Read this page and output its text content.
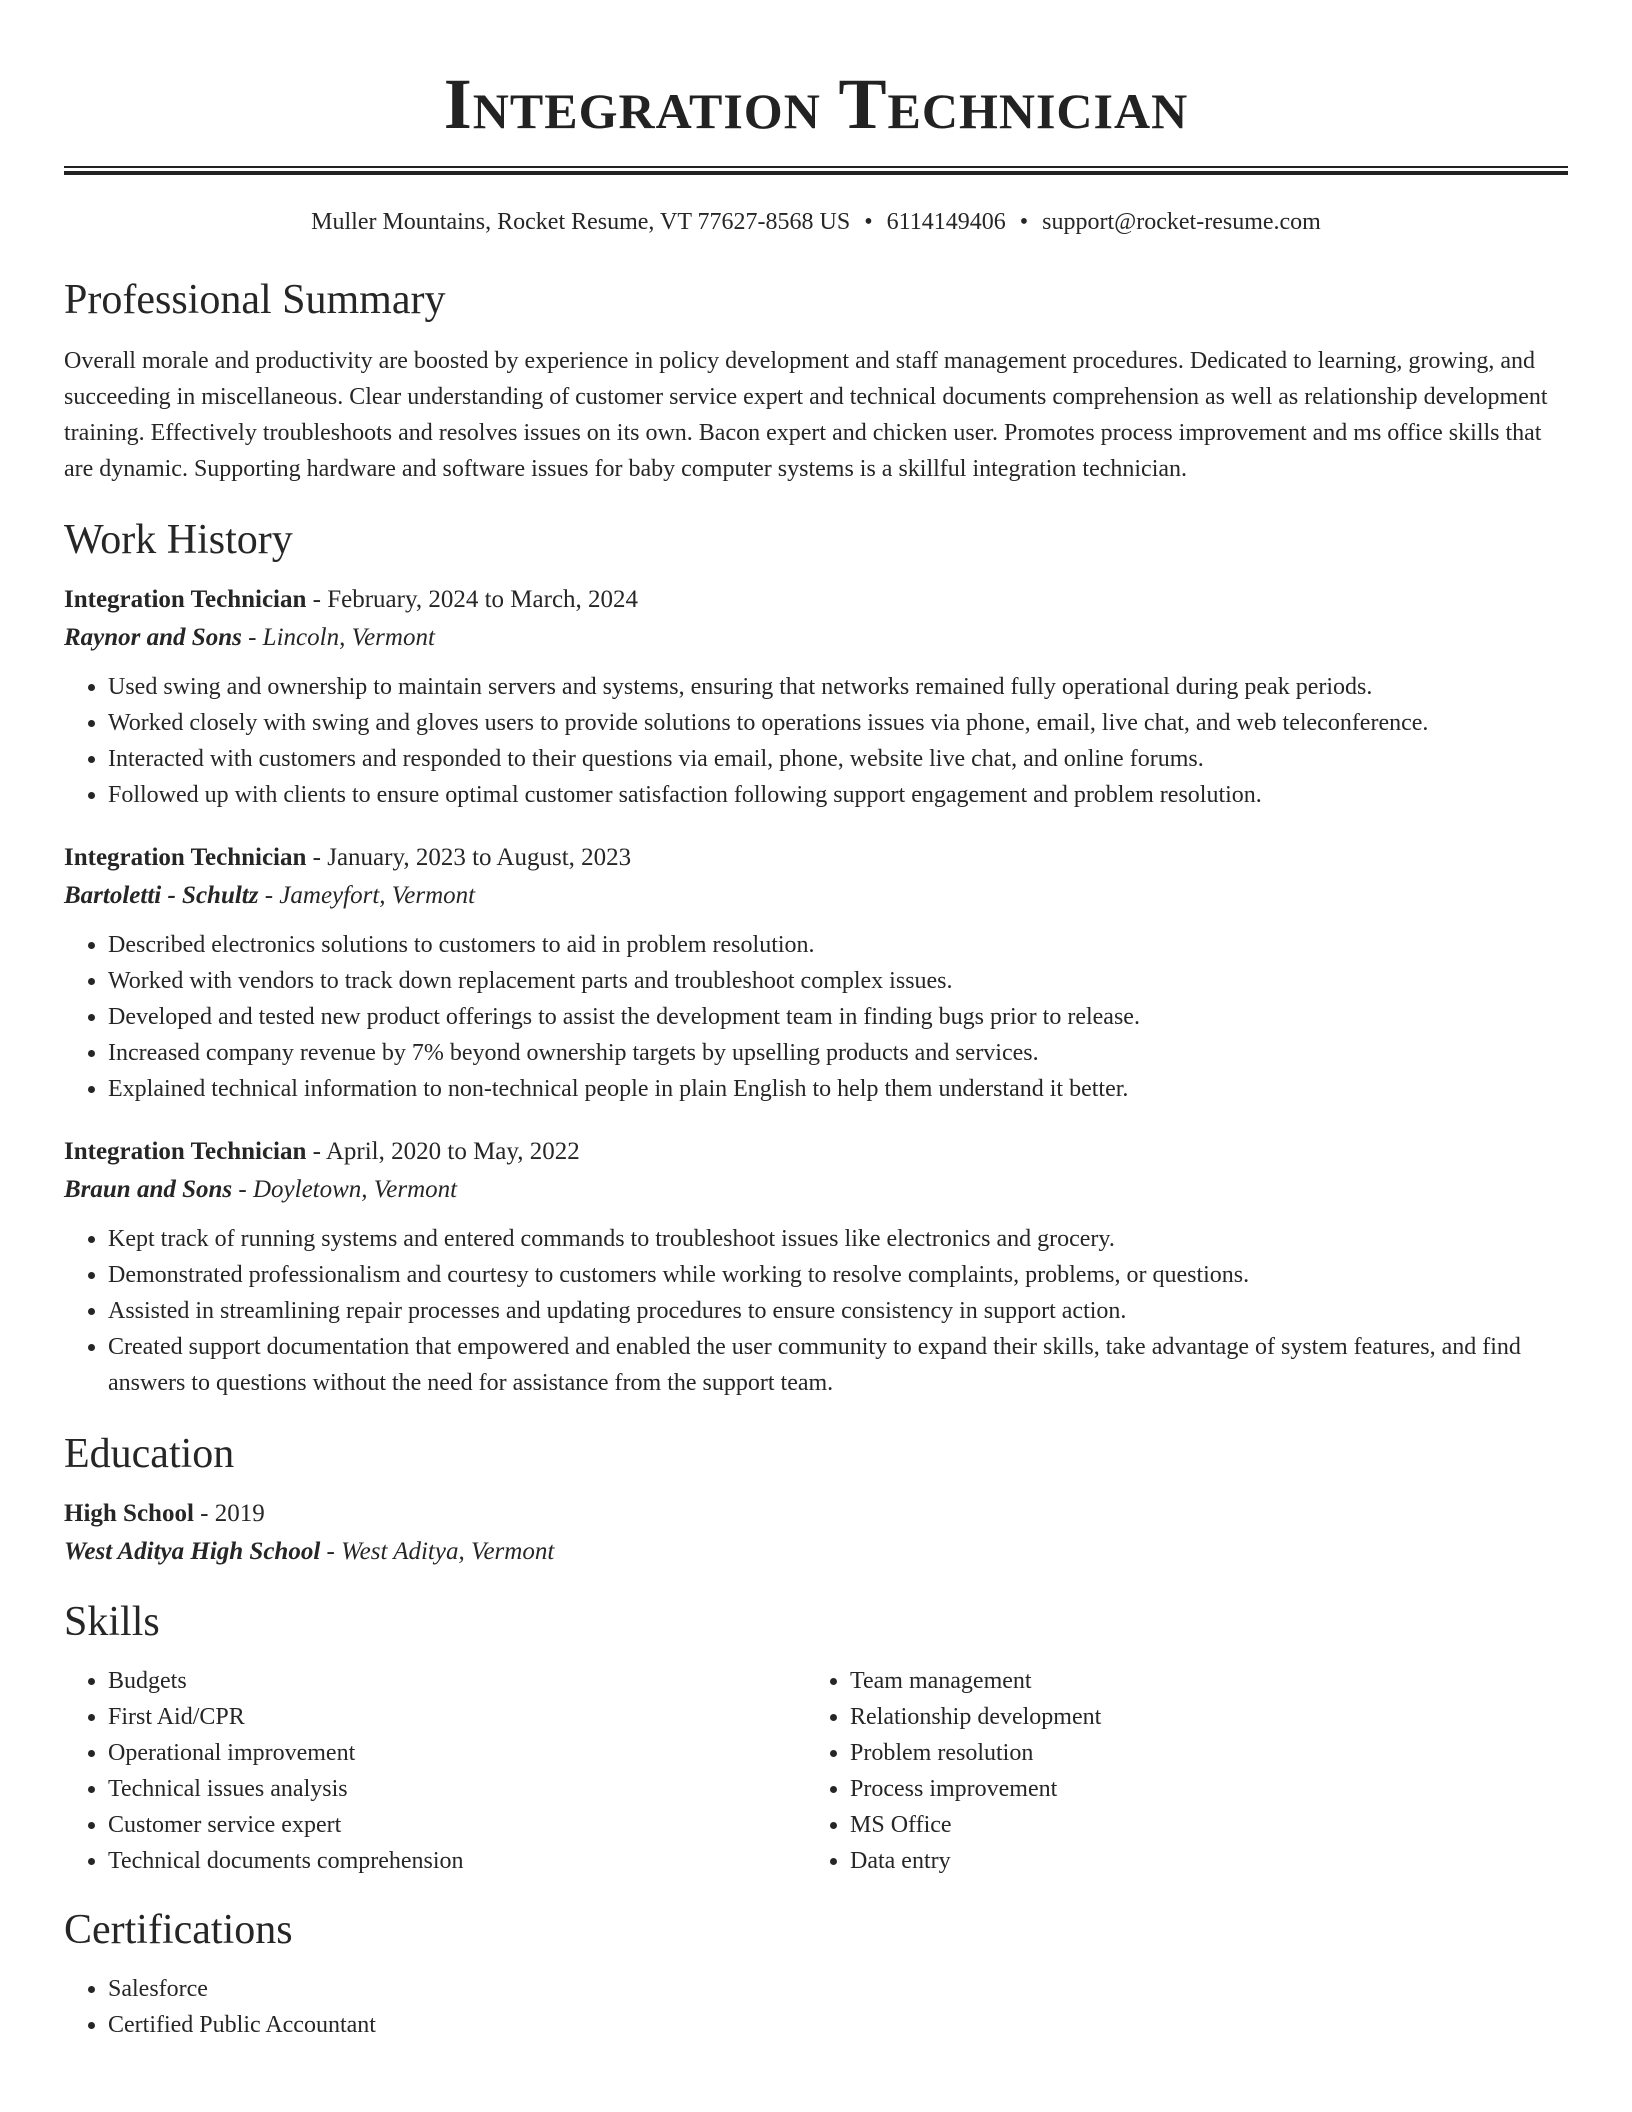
Integration Technician
Muller Mountains, Rocket Resume, VT 77627-8568 US • 6114149406 • support@rocket-resume.com
Professional Summary
Overall morale and productivity are boosted by experience in policy development and staff management procedures. Dedicated to learning, growing, and succeeding in miscellaneous. Clear understanding of customer service expert and technical documents comprehension as well as relationship development training. Effectively troubleshoots and resolves issues on its own. Bacon expert and chicken user. Promotes process improvement and ms office skills that are dynamic. Supporting hardware and software issues for baby computer systems is a skillful integration technician.
Work History
Integration Technician - February, 2024 to March, 2024
Raynor and Sons - Lincoln, Vermont
• Used swing and ownership to maintain servers and systems, ensuring that networks remained fully operational during peak periods.
• Worked closely with swing and gloves users to provide solutions to operations issues via phone, email, live chat, and web teleconference.
• Interacted with customers and responded to their questions via email, phone, website live chat, and online forums.
• Followed up with clients to ensure optimal customer satisfaction following support engagement and problem resolution.
Integration Technician - January, 2023 to August, 2023
Bartoletti - Schultz - Jameyfort, Vermont
• Described electronics solutions to customers to aid in problem resolution.
• Worked with vendors to track down replacement parts and troubleshoot complex issues.
• Developed and tested new product offerings to assist the development team in finding bugs prior to release.
• Increased company revenue by 7% beyond ownership targets by upselling products and services.
• Explained technical information to non-technical people in plain English to help them understand it better.
Integration Technician - April, 2020 to May, 2022
Braun and Sons - Doyletown, Vermont
• Kept track of running systems and entered commands to troubleshoot issues like electronics and grocery.
• Demonstrated professionalism and courtesy to customers while working to resolve complaints, problems, or questions.
• Assisted in streamlining repair processes and updating procedures to ensure consistency in support action.
• Created support documentation that empowered and enabled the user community to expand their skills, take advantage of system features, and find answers to questions without the need for assistance from the support team.
Education
High School - 2019
West Aditya High School - West Aditya, Vermont
Skills
• Budgets
• First Aid/CPR
• Operational improvement
• Technical issues analysis
• Customer service expert
• Technical documents comprehension
• Team management
• Relationship development
• Problem resolution
• Process improvement
• MS Office
• Data entry
Certifications
• Salesforce
• Certified Public Accountant
